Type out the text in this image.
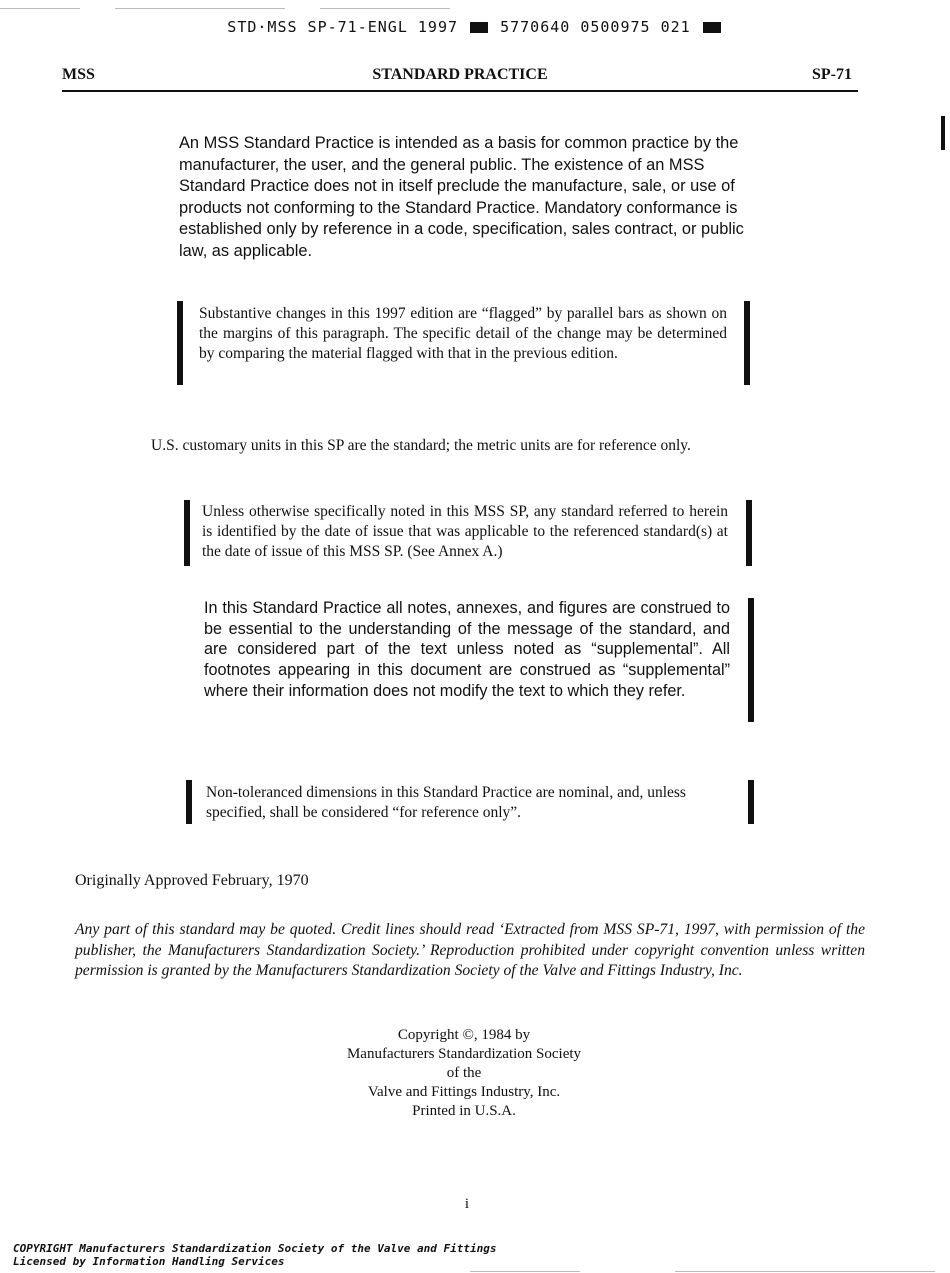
STD·MSS SP-71-ENGL 1997	5770640 0500975 021
MSS	STANDARD PRACTICE	SP-71
An MSS Standard Practice is intended as a basis for common practice by the manufacturer, the user, and the general public. The existence of an MSS Standard Practice does not in itself preclude the manufacture, sale, or use of products not conforming to the Standard Practice. Mandatory conformance is established only by reference in a code, specification, sales contract, or public law, as applicable.
Substantive changes in this 1997 edition are “flagged” by parallel bars as shown on the margins of this paragraph. The specific detail of the change may be determined by comparing the material flagged with that in the previous edition.
U.S. customary units in this SP are the standard; the metric units are for reference only.
Unless otherwise specifically noted in this MSS SP, any standard referred to herein is identified by the date of issue that was applicable to the referenced standard(s) at the date of issue of this MSS SP. (See Annex A.)
In this Standard Practice all notes, annexes, and figures are construed to be essential to the understanding of the message of the standard, and are considered part of the text unless noted as “supplemental”. All footnotes appearing in this document are construed as “supplemental” where their information does not modify the text to which they refer.
Non-toleranced dimensions in this Standard Practice are nominal, and, unless specified, shall be considered “for reference only”.
Originally Approved February, 1970
Any part of this standard may be quoted. Credit lines should read ‘Extracted from MSS SP-71, 1997, with permission of the publisher, the Manufacturers Standardization Society.’ Reproduction prohibited under copyright convention unless written permission is granted by the Manufacturers Standardization Society of the Valve and Fittings Industry, Inc.
Copyright ©, 1984 by
Manufacturers Standardization Society
of the
Valve and Fittings Industry, Inc.
Printed in U.S.A.
i
COPYRIGHT Manufacturers Standardization Society of the Valve and Fittings
Licensed by Information Handling Services
